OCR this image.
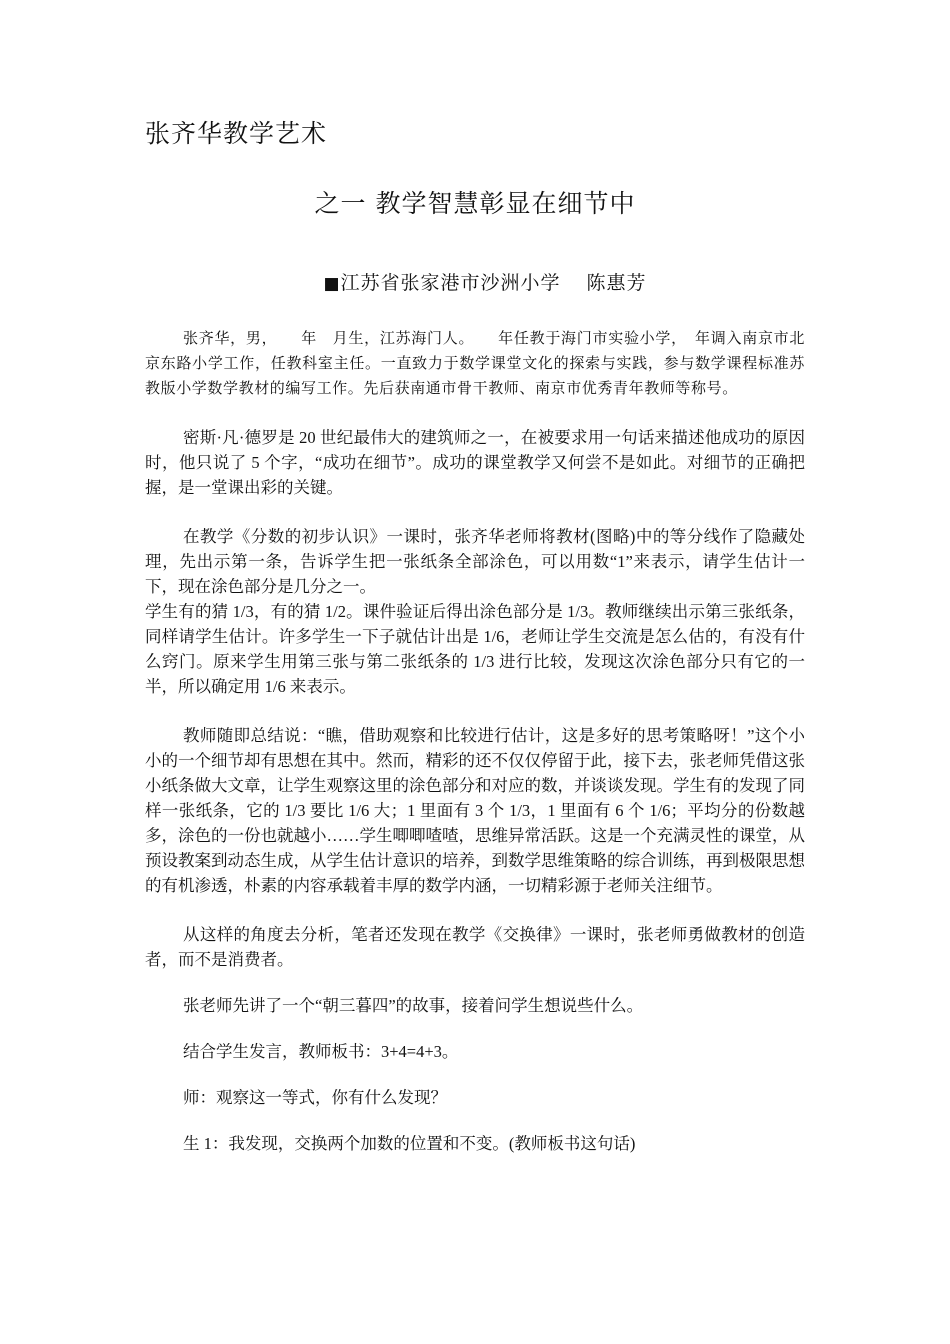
张齐华教学艺术
之一 教学智慧彰显在细节中
■江苏省张家港市沙洲小学 陈惠芳

张齐华，男，　　年　月生，江苏海门人。　　年任教于海门市实验小学，　年调入南京市北京东路小学工作，任教科室主任。一直致力于数学课堂文化的探索与实践，参与数学课程标准苏教版小学数学教材的编写工作。先后获南通市骨干教师、南京市优秀青年教师等称号。

密斯·凡·德罗是 20 世纪最伟大的建筑师之一，在被要求用一句话来描述他成功的原因时，他只说了 5 个字，“成功在细节”。成功的课堂教学又何尝不是如此。对细节的正确把握，是一堂课出彩的关键。

在教学《分数的初步认识》一课时，张齐华老师将教材(图略)中的等分线作了隐藏处理，先出示第一条，告诉学生把一张纸条全部涂色，可以用数“1”来表示，请学生估计一下，现在涂色部分是几分之一。

学生有的猜 1/3，有的猜 1/2。课件验证后得出涂色部分是 1/3。教师继续出示第三张纸条，同样请学生估计。许多学生一下子就估计出是 1/6，老师让学生交流是怎么估的，有没有什么窍门。原来学生用第三张与第二张纸条的 1/3 进行比较，发现这次涂色部分只有它的一半，所以确定用 1/6 来表示。

教师随即总结说：“瞧，借助观察和比较进行估计，这是多好的思考策略呀！”这个小小的一个细节却有思想在其中。然而，精彩的还不仅仅停留于此，接下去，张老师凭借这张小纸条做大文章，让学生观察这里的涂色部分和对应的数，并谈谈发现。学生有的发现了同样一张纸条，它的 1/3 要比 1/6 大；1 里面有 3 个 1/3，1 里面有 6 个 1/6；平均分的份数越多，涂色的一份也就越小……学生唧唧喳喳，思维异常活跃。这是一个充满灵性的课堂，从预设教案到动态生成，从学生估计意识的培养，到数学思维策略的综合训练，再到极限思想的有机渗透，朴素的内容承载着丰厚的数学内涵，一切精彩源于老师关注细节。

从这样的角度去分析，笔者还发现在教学《交换律》一课时，张老师勇做教材的创造者，而不是消费者。

张老师先讲了一个“朝三暮四”的故事，接着问学生想说些什么。

结合学生发言，教师板书：3+4=4+3。

师：观察这一等式，你有什么发现？

生 1：我发现，交换两个加数的位置和不变。(教师板书这句话)
